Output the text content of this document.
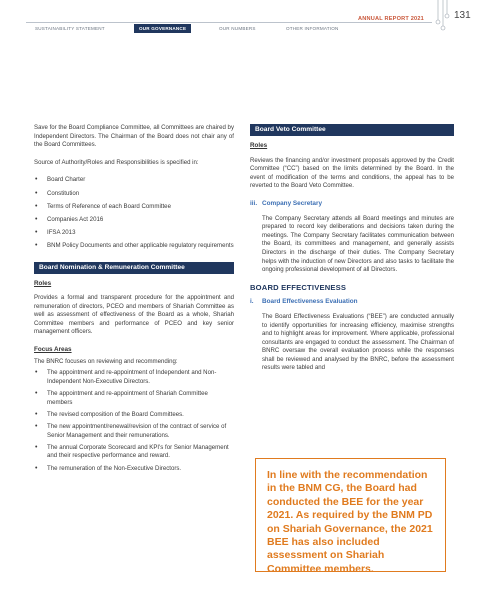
ANNUAL REPORT 2021	131
SUSTAINABILITY STATEMENT	OUR GOVERNANCE	OUR NUMBERS	OTHER INFORMATION

Save for the Board Compliance Committee, all Committees are chaired by Independent Directors. The Chairman of the Board does not chair any of the Board Committees.

Source of Authority/Roles and Responsibilities is specified in:

• Board Charter
• Constitution
• Terms of Reference of each Board Committee
• Companies Act 2016
• IFSA 2013
• BNM Policy Documents and other applicable regulatory requirements
Board Nomination & Remuneration Committee
Roles

Provides a formal and transparent procedure for the appointment and remuneration of directors, PCEO and members of Shariah Committee as well as assessment of effectiveness of the Board as a whole, Shariah Committee members and performance of PCEO and key senior management officers.

Focus Areas

The BNRC focuses on reviewing and recommending:

• The appointment and re-appointment of Independent and Non-Independent Non-Executive Directors.
• The appointment and re-appointment of Shariah Committee members
• The revised composition of the Board Committees.
• The new appointment/renewal/revision of the contract of service of Senior Management and their remunerations.
• The annual Corporate Scorecard and KPI's for Senior Management and their respective performance and reward.
• The remuneration of the Non-Executive Directors.
Board Veto Committee
Roles

Reviews the financing and/or investment proposals approved by the Credit Committee (“CC”) based on the limits determined by the Board. In the event of modification of the terms and conditions, the appeal has to be reverted to the Board Veto Committee.

iii. Company Secretary

The Company Secretary attends all Board meetings and minutes are prepared to record key deliberations and decisions taken during the meetings. The Company Secretary facilitates communication between the Board, its committees and management, and generally assists Directors in the discharge of their duties. The Company Secretary helps with the induction of new Directors and also tasks to facilitate the ongoing professional development of all Directors.

BOARD EFFECTIVENESS
i. Board Effectiveness Evaluation

The Board Effectiveness Evaluations (“BEE”) are conducted annually to identify opportunities for increasing efficiency, maximise strengths and to highlight areas for improvement. Where applicable, professional consultants are engaged to conduct the assessment. The Chairman of BNRC oversaw the overall evaluation process while the responses shall be reviewed and analysed by the BNRC, before the assessment results were tabled and

In line with the recommendation in the BNM CG, the Board had conducted the BEE for the year 2021. As required by the BNM PD on Shariah Governance, the 2021 BEE has also included assessment on Shariah Committee members.
